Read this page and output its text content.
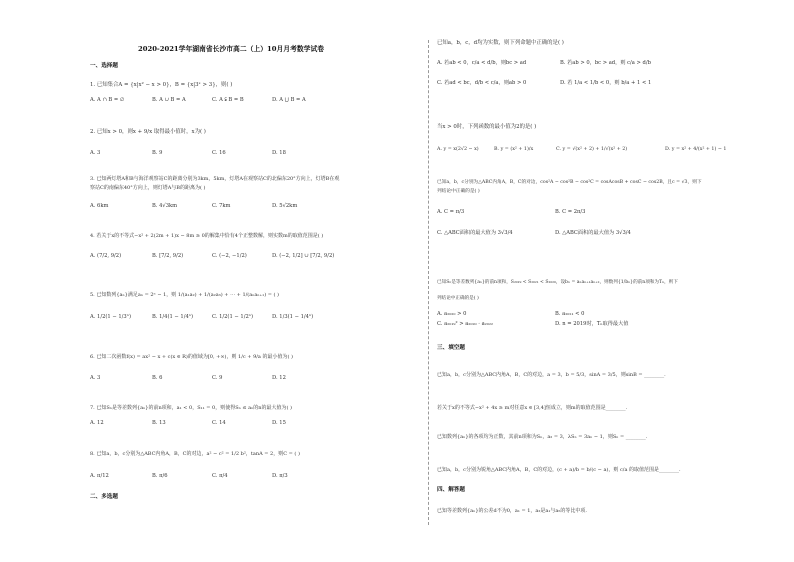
2020-2021学年湖南省长沙市高二（上）10月月考数学试卷
一、选择题
1. 已知集合A = {x|x² − x > 0}，B = {x|3ˣ > 3}，则( )
A. A ∩ B = ∅	B. A ∪ B = A	C. A ⫋ B = B	D. A ⋃ B = A
2. 已知x > 0，则x + 9/x 取得最小值时，x为( )
A. 3	B. 9	C. 16	D. 18
3. 已知两灯塔A和B与海洋观察站C的距离分别为3km，5km，灯塔A在观察站C的北偏东20°方向上，灯塔B在观
察站C的南偏东40°方向上，则灯塔A与B的距离为( )
A. 6km	B. 4√3km	C. 7km	D. 5√2km
4. 若关于x的不等式−x² + 2(2m + 1)x − 8m ≥ 0的解集中恰有4个正整数解，则实数m的取值范围是( )
A. (7/2, 9/2)	B. [7/2, 9/2)	C. (−2, −1/2)	D. (−2, 1/2] ∪ [7/2, 9/2)
5. 已知数列{aₙ}满足aₙ = 2ⁿ − 1，则 1/(a₁a₂) + 1/(a₂a₃) + ⋯ + 1/(aₙaₙ₊₁) = ( )
A. 1/2(1 − 1/3ⁿ)	B. 1/4(1 − 1/4ⁿ)	C. 1/2(1 − 1/2ⁿ)	D. 1/3(1 − 1/4ⁿ)
6. 已知二次函数f(x) = ax² − x + c(x ∈ R)的值域为[0, +∞)，则 1/c + 9/a 的最小值为( )
A. 3	B. 6	C. 9	D. 12
7. 已知Sₙ是等差数列{aₙ}的前n项和，a₁ < 0，S₁₁ = 0，则使得Sₙ ≤ aₙ的n的最大值为( )
A. 12	B. 13	C. 14	D. 15
8. 已知a，b，c分别为△ABC内角A，B，C的对边，a² − c² = 1/2 b²，tanA = 2，则C = ( )
A. π/12	B. π/6	C. π/4	D. π/3
二、多选题
已知a，b，c，d均为实数，则下列命题中正确的是( )
A. 若ab < 0，c/a < d/b，则bc > ad	B. 若ab > 0，bc > ad，则 c/a > d/b
C. 若ad < bc，d/b < c/a，则ab > 0	D. 若 1/a < 1/b < 0，则 b/a + 1 < 1
当x > 0时，下列函数的最小值为2的是( )
A. y = x(2√2 − x)	B. y = (x² + 1)/x	C. y = √(x² + 2) + 1/√(x² + 2)	D. y = x² + 4/(x² + 1) − 1
已知a，b，c分别为△ABC内角A，B，C的对边，cos²A − cos²B − cos²C = cosAcosB + cosC − cos2B，且c = √3，则下
列结论中正确的是( )
A. C = π/3	B. C = 2π/3
C. △ABC面积的最大值为 3√3/4	D. △ABC面积的最大值为 3√3/4
已知Sₙ是等差数列{aₙ}的前n项和，S₂₀₁₉ < S₂₀₂₁ < S₂₀₂₀，设bₙ = aₙaₙ₊₁aₙ₊₂，则数列{1/bₙ}的前n项和为Tₙ，则下
列结论中正确的是( )
A. a₂₀₂₀ > 0	B. a₂₀₂₁ < 0
C. a₂₀₁₉² > a₂₀₂₀ · a₂₀₂₂	D. n = 2019时，Tₙ取得最大值
三、填空题
已知a，b，c分别为△ABC内角A，B，C的对边，a = 3，b = 5/3，sinA = 3/5，则sinB = ________.
若关于x的不等式−x² + 4x ≥ m对任意x ∈ [3,4]恒成立，则m的取值范围是________.
已知数列{aₙ}的各项均为正数，其前n项和为Sₙ，a₂ = 3，λSₙ = 3aₙ − 1，则Sₙ = ________.
已知a，b，c分别为锐角△ABC内角A，B，C的对边，(c + a)/b = b/(c − a)，则 c/a 的取值范围是________.
四、解答题
已知等差数列{aₙ}的公差d不为0，a₁ = 1，a₂是a₁与a₅的等比中项.
